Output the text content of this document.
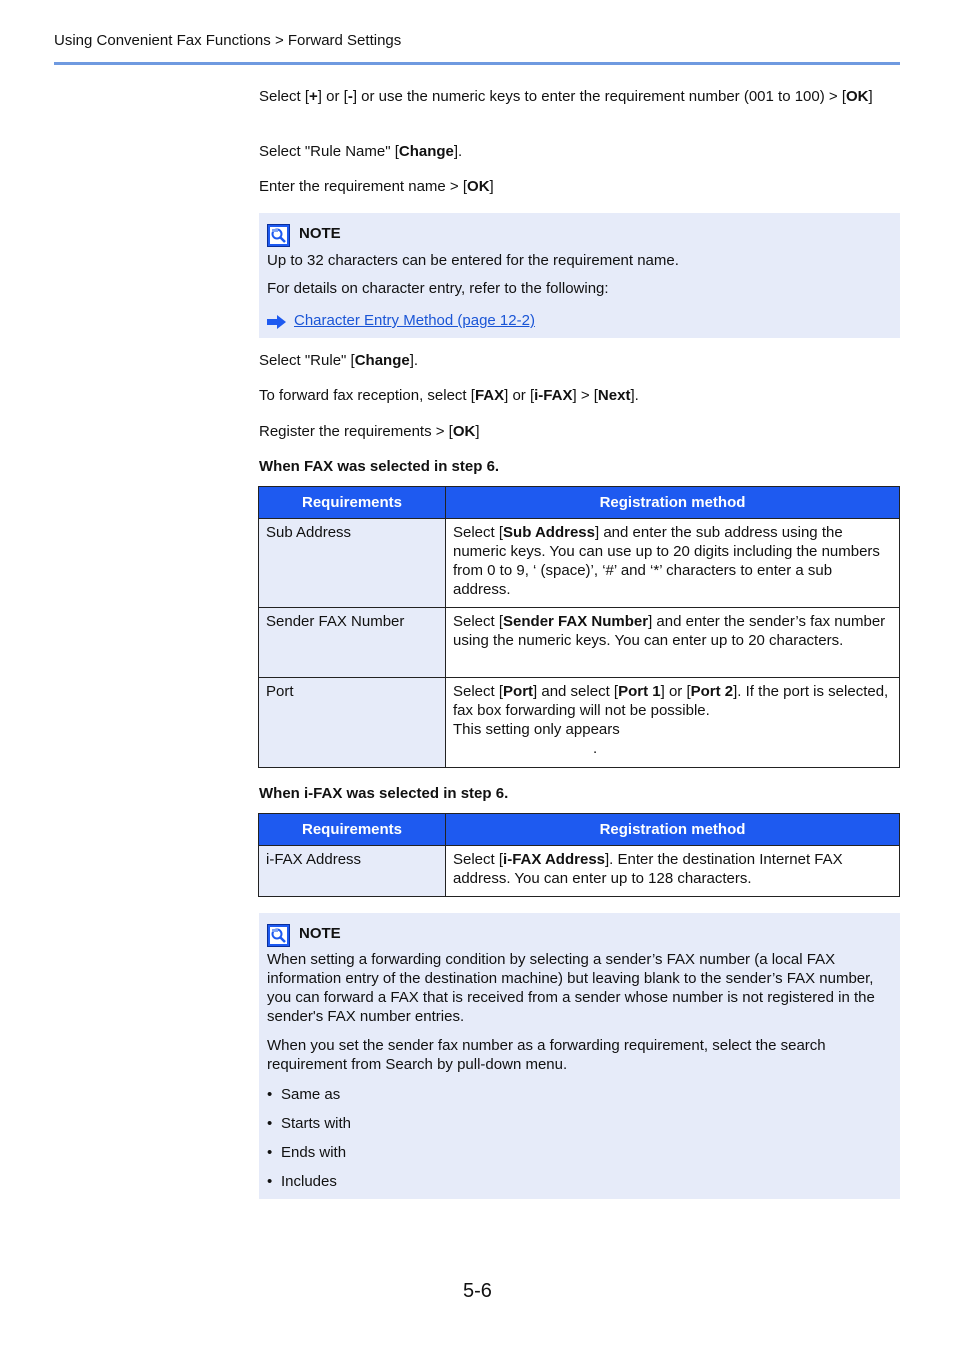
Using Convenient Fax Functions > Forward Settings
Select [+] or [-] or use the numeric keys to enter the requirement number (001 to 100) > [OK]
Select "Rule Name" [Change].
Enter the requirement name > [OK]
NOTE
Up to 32 characters can be entered for the requirement name.
For details on character entry, refer to the following:
Character Entry Method (page 12-2)
Select "Rule" [Change].
To forward fax reception, select [FAX] or [i-FAX] > [Next].
Register the requirements > [OK]
When FAX was selected in step 6.
Requirements	Registration method
Sub Address	Select [Sub Address] and enter the sub address using the numeric keys. You can use up to 20 digits including the numbers from 0 to 9, ‘ (space)’, ‘#’ and ‘*’ characters to enter a sub address.
Sender FAX Number	Select [Sender FAX Number] and enter the sender’s fax number using the numeric keys. You can enter up to 20 characters.
Port	Select [Port] and select [Port 1] or [Port 2]. If the port is selected, fax box forwarding will not be possible.
This setting only appears
.
When i-FAX was selected in step 6.
Requirements	Registration method
i-FAX Address	Select [i-FAX Address]. Enter the destination Internet FAX address. You can enter up to 128 characters.
NOTE
When setting a forwarding condition by selecting a sender’s FAX number (a local FAX information entry of the destination machine) but leaving blank to the sender’s FAX number, you can forward a FAX that is received from a sender whose number is not registered in the sender's FAX number entries.
When you set the sender fax number as a forwarding requirement, select the search requirement from Search by pull-down menu.
• Same as
• Starts with
• Ends with
• Includes
5-6
